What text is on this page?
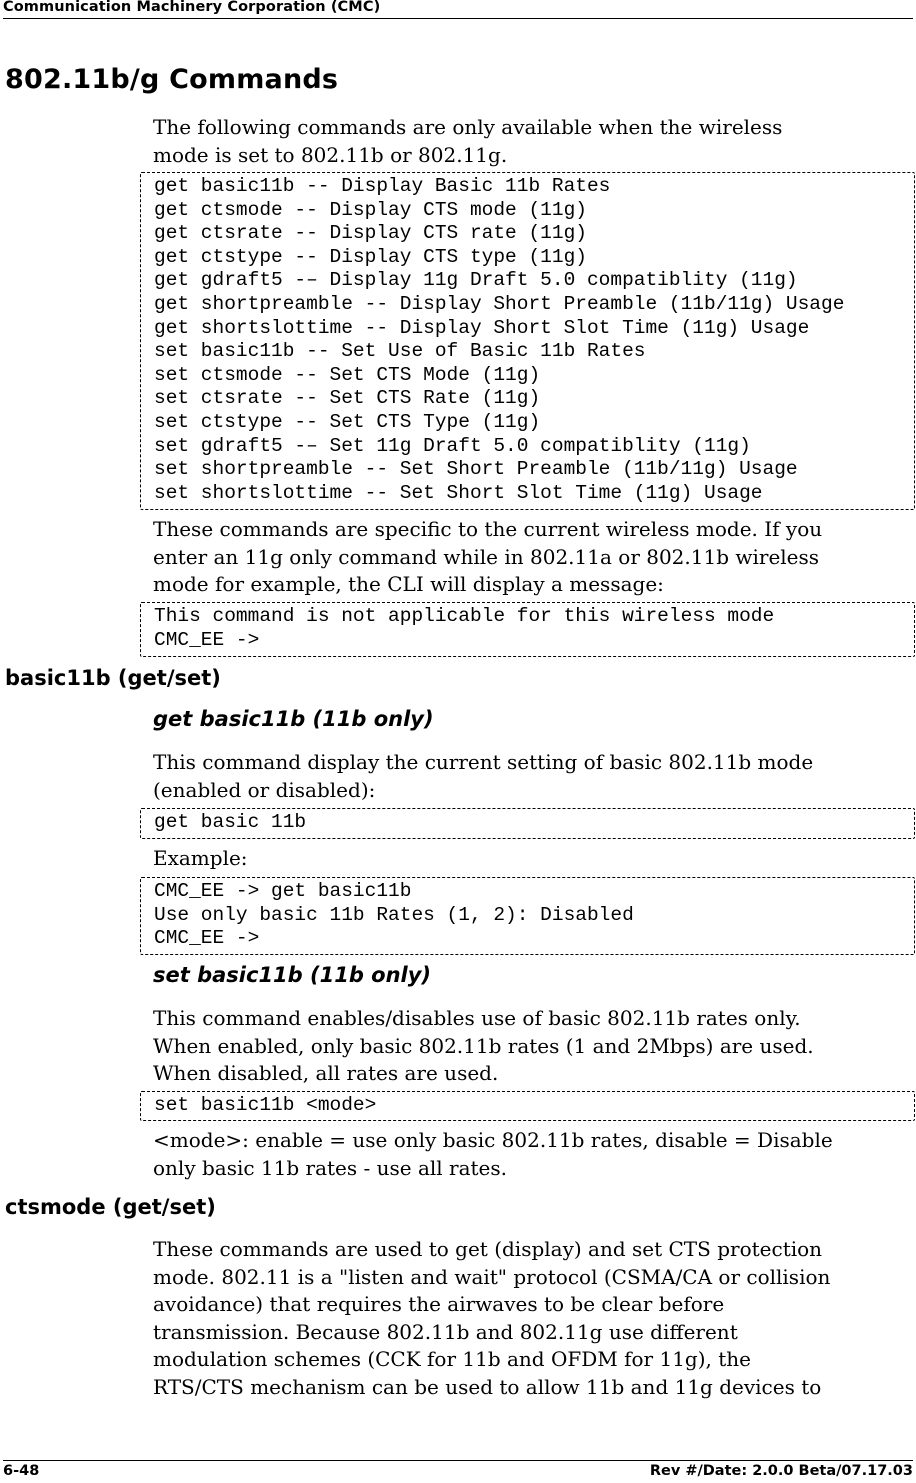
Communication Machinery Corporation (CMC)
802.11b/g Commands
The following commands are only available when the wireless
mode is set to 802.11b or 802.11g.
get basic11b -- Display Basic 11b Rates
get ctsmode -- Display CTS mode (11g)
get ctsrate -- Display CTS rate (11g)
get ctstype -- Display CTS type (11g)
get gdraft5 -– Display 11g Draft 5.0 compatiblity (11g)
get shortpreamble -- Display Short Preamble (11b/11g) Usage
get shortslottime -- Display Short Slot Time (11g) Usage
set basic11b -- Set Use of Basic 11b Rates
set ctsmode -- Set CTS Mode (11g)
set ctsrate -- Set CTS Rate (11g)
set ctstype -- Set CTS Type (11g)
set gdraft5 -– Set 11g Draft 5.0 compatiblity (11g)
set shortpreamble -- Set Short Preamble (11b/11g) Usage
set shortslottime -- Set Short Slot Time (11g) Usage
These commands are specific to the current wireless mode. If you
enter an 11g only command while in 802.11a or 802.11b wireless
mode for example, the CLI will display a message:
This command is not applicable for this wireless mode
CMC_EE ->
basic11b (get/set)
get basic11b (11b only)
This command display the current setting of basic 802.11b mode
(enabled or disabled):
get basic 11b
Example:
CMC_EE -> get basic11b
Use only basic 11b Rates (1, 2): Disabled
CMC_EE ->
set basic11b (11b only)
This command enables/disables use of basic 802.11b rates only.
When enabled, only basic 802.11b rates (1 and 2Mbps) are used.
When disabled, all rates are used.
set basic11b <mode>
<mode>: enable = use only basic 802.11b rates, disable = Disable
only basic 11b rates - use all rates.
ctsmode (get/set)
These commands are used to get (display) and set CTS protection
mode. 802.11 is a "listen and wait" protocol (CSMA/CA or collision
avoidance) that requires the airwaves to be clear before
transmission. Because 802.11b and 802.11g use different
modulation schemes (CCK for 11b and OFDM for 11g), the
RTS/CTS mechanism can be used to allow 11b and 11g devices to
6-48	Rev #/Date: 2.0.0 Beta/07.17.03
